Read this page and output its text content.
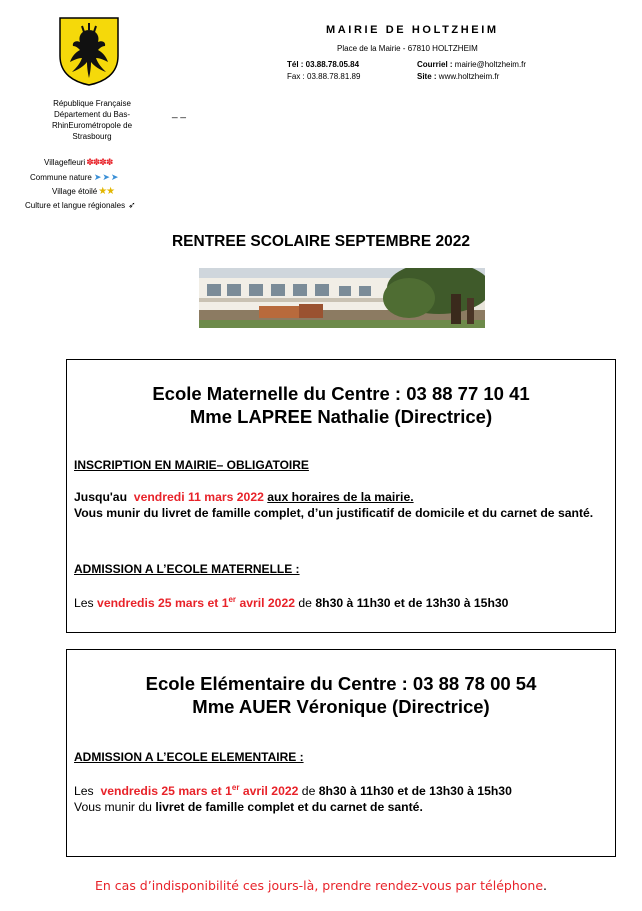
MAIRIE DE HOLTZHEIM
Place de la Mairie - 67810 HOLTZHEIM
Tél : 03.88.78.05.84
Fax : 03.88.78.81.89
Courriel : mairie@holtzheim.fr
Site : www.holtzheim.fr
République Française
Département du Bas-
RhinEurométropole de
Strasbourg
_ _
Villagefleuri ✽✽✽✽
Commune nature ➤➤➤
Village étoilé ★★
Culture et langue régionales ➶
RENTREE SCOLAIRE SEPTEMBRE 2022
Ecole Maternelle du Centre : 03 88 77 10 41
Mme LAPREE Nathalie (Directrice)
INSCRIPTION EN MAIRIE– OBLIGATOIRE
Jusqu'au vendredi 11 mars 2022 aux horaires de la mairie.
Vous munir du livret de famille complet, d’un justificatif de domicile et du carnet de santé.
ADMISSION A L’ECOLE MATERNELLE :
Les vendredis 25 mars et 1er avril 2022 de 8h30 à 11h30 et de 13h30 à 15h30
Ecole Elémentaire du Centre : 03 88 78 00 54
Mme AUER Véronique (Directrice)
ADMISSION A L’ECOLE ELEMENTAIRE :
Les vendredis 25 mars et 1er avril 2022 de 8h30 à 11h30 et de 13h30 à 15h30
Vous munir du livret de famille complet et du carnet de santé.
En cas d’indisponibilité ces jours-là, prendre rendez-vous par téléphone.
